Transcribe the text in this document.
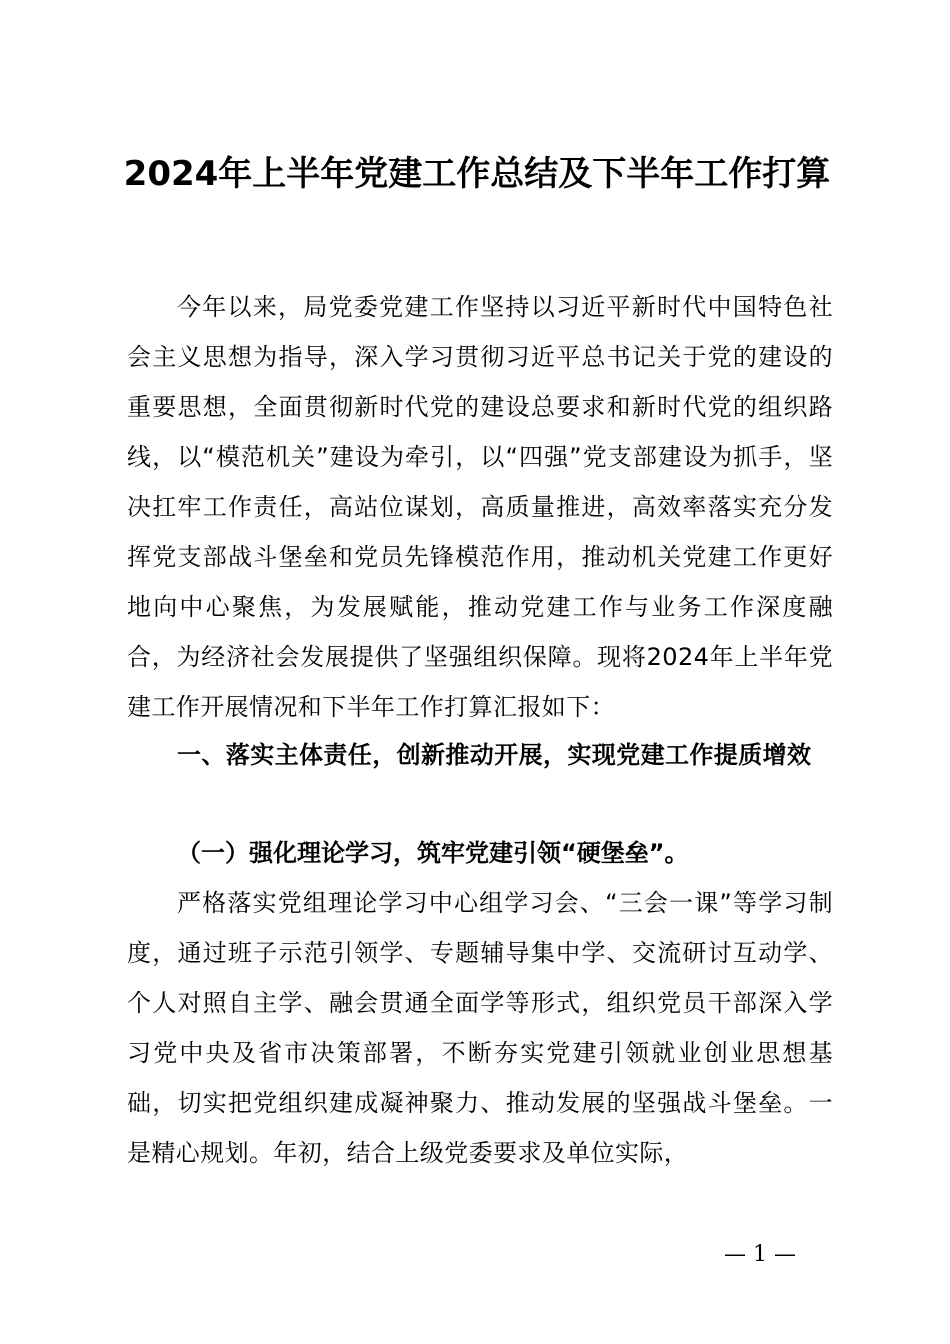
2024年上半年党建工作总结及下半年工作打算

今年以来，局党委党建工作坚持以习近平新时代中国特色社会主义思想为指导，深入学习贯彻习近平总书记关于党的建设的重要思想，全面贯彻新时代党的建设总要求和新时代党的组织路线，以“模范机关”建设为牵引，以“四强”党支部建设为抓手，坚决扛牢工作责任，高站位谋划，高质量推进，高效率落实充分发挥党支部战斗堡垒和党员先锋模范作用，推动机关党建工作更好地向中心聚焦，为发展赋能，推动党建工作与业务工作深度融合，为经济社会发展提供了坚强组织保障。现将2024年上半年党建工作开展情况和下半年工作打算汇报如下：

一、落实主体责任，创新推动开展，实现党建工作提质增效

（一）强化理论学习，筑牢党建引领“硬堡垒”。

严格落实党组理论学习中心组学习会、“三会一课”等学习制度，通过班子示范引领学、专题辅导集中学、交流研讨互动学、个人对照自主学、融会贯通全面学等形式，组织党员干部深入学习党中央及省市决策部署，不断夯实党建引领就业创业思想基础，切实把党组织建成凝神聚力、推动发展的坚强战斗堡垒。一是精心规划。年初，结合上级党委要求及单位实际，

— 1 —
